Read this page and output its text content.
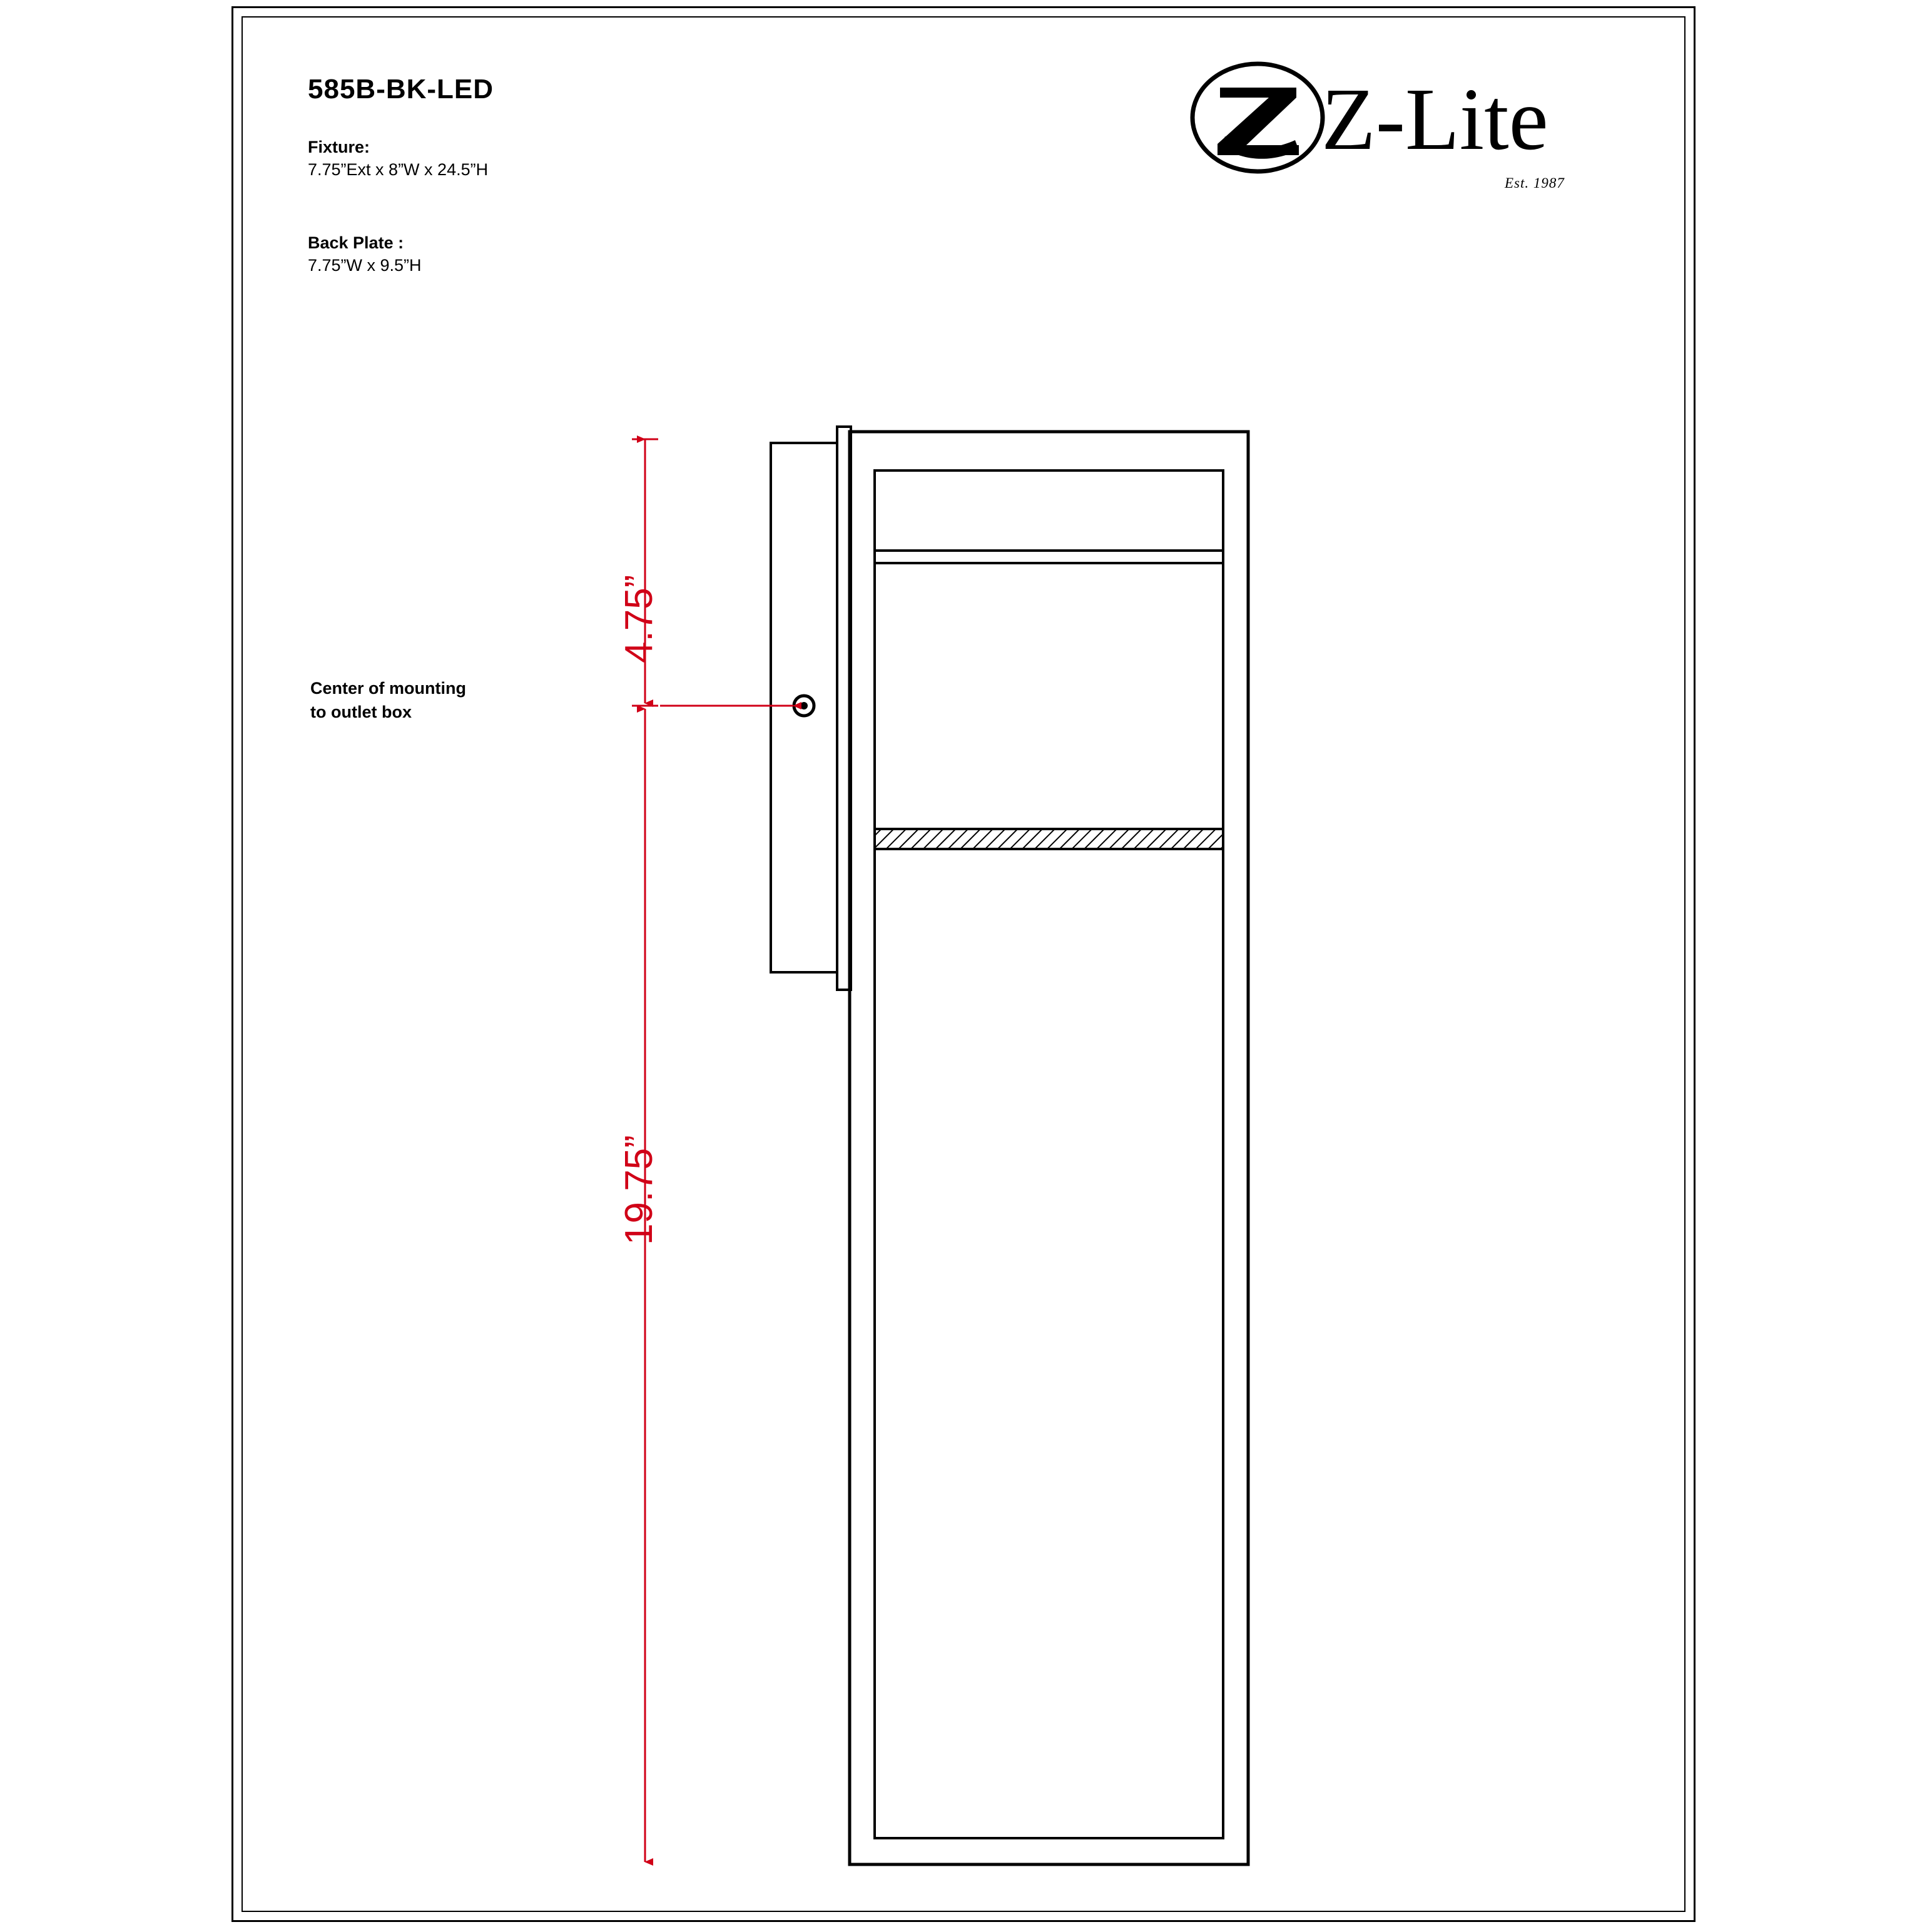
585B-BK-LED
Fixture:
7.75”Ext x 8”W x 24.5”H
Back Plate :
7.75”W x 9.5”H
Z-Lite
Est. 1987
Center of mounting
to outlet box
4.75”
19.75”
